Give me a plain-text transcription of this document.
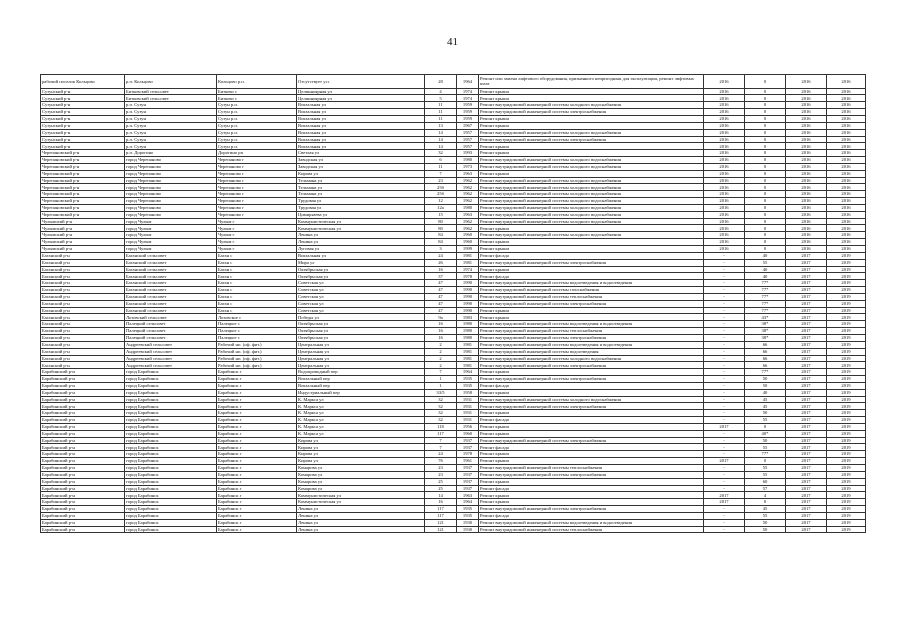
41
рабочий поселок Кольцово	р.п. Кольцово	Кольцово р.п.	Отсутствует у.п.	28	1964	Ремонт или замена лифтового оборудования, признанного непригодным для эксплуатации, ремонт лифтовых шахт	2016	0	2016	2016
Сузунский р-н	Битковский сельсовет	Битково с	Целинноярная ул	4	1974	Ремонт крыши	2016	0	2016	2016
Сузунский р-н	Битковский сельсовет	Битково с	Целинноярная ул	5	1974	Ремонт крыши	2016	0	2016	2016
Сузунский р-н	р.п. Сузун	Сузун р.п.	Вокзальная ул	11	1959	Ремонт внутридомовой инженерной системы холодного водоснабжения	2016	0	2016	2016
Сузунский р-н	р.п. Сузун	Сузун р.п.	Вокзальная ул	11	1959	Ремонт внутридомовой инженерной системы электроснабжения	2016	0	2016	2016
Сузунский р-н	р.п. Сузун	Сузун р.п.	Вокзальная ул	11	1959	Ремонт крыши	2016	0	2016	2016
Сузунский р-н	р.п. Сузун	Сузун р.п.	Вокзальная ул	13	1967	Ремонт крыши	2016	0	2016	2016
Сузунский р-н	р.п. Сузун	Сузун р.п.	Вокзальная ул	14	1957	Ремонт внутридомовой инженерной системы холодного водоснабжения	2016	0	2016	2016
Сузунский р-н	р.п. Сузун	Сузун р.п.	Вокзальная ул	14	1957	Ремонт внутридомовой инженерной системы электроснабжения	2016	0	2016	2016
Сузунский р-н	р.п. Сузун	Сузун р.п.	Вокзальная ул	14	1957	Ремонт крыши	2016	0	2016	2016
Черепановский р-н	р.п. Дорогино	Дорогино рп	Светлая ул	32	1993	Ремонт крыши	2016	0	2016	2016
Черепановский р-н	город Черепаново	Черепаново г	Заводская ул	6	1980	Ремонт внутридомовой инженерной системы холодного водоснабжения	2016	0	2016	2016
Черепановский р-н	город Черепаново	Черепаново г	Заводская ул	11	1973	Ремонт внутридомовой инженерной системы холодного водоснабжения	2016	0	2016	2016
Черепановский р-н	город Черепаново	Черепаново г	Кирова ул	7	1963	Ремонт крыши	2016	0	2016	2016
Черепановский р-н	город Черепаново	Черепаново г	Тельмана ул	23	1962	Ремонт внутридомовой инженерной системы холодного водоснабжения	2016	0	2016	2016
Черепановский р-н	город Черепаново	Черепаново г	Тельмана ул	25б	1962	Ремонт внутридомовой инженерной системы холодного водоснабжения	2016	0	2016	2016
Черепановский р-н	город Черепаново	Черепаново г	Тельмана ул	25б	1962	Ремонт внутридомовой инженерной системы холодного водоснабжения	2016	0	2016	2016
Черепановский р-н	город Черепаново	Черепаново г	Трудовая ул	12	1962	Ремонт внутридомовой инженерной системы холодного водоснабжения	2016	0	2016	2016
Черепановский р-н	город Черепаново	Черепаново г	Трудовая ул	12а	1980	Ремонт внутридомовой инженерной системы холодного водоснабжения	2016	0	2016	2016
Черепановский р-н	город Черепаново	Черепаново г	Цимирязева ул	15	1963	Ремонт внутридомовой инженерной системы холодного водоснабжения	2016	0	2016	2016
Чулымский р-н	город Чулым	Чулым г	Коммунистическая ул	80	1962	Ремонт внутридомовой инженерной системы холодного водоснабжения	2016	0	2016	2016
Чулымский р-н	город Чулым	Чулым г	Коммунистическая ул	80	1962	Ремонт крыши	2016	0	2016	2016
Чулымский р-н	город Чулым	Чулым г	Ленина ул	84	1960	Ремонт внутридомовой инженерной системы холодного водоснабжения	2016	0	2016	2016
Чулымский р-н	город Чулым	Чулым г	Ленина ул	84	1960	Ремонт крыши	2016	0	2016	2016
Чулымский р-н	город Чулым	Чулым г	Луговая ул	3	1999	Ремонт крыши	2016	0	2016	2016
Баганский р-н	Баганский сельсовет	Баган с	Вокзальная ул	24	1981	Ремонт фасада	-	40	2017	2019
Баганский р-н	Баганский сельсовет	Баган с	Мира ул	26	1981	Ремонт внутридомовой инженерной системы электроснабжения	-	55	2017	2019
Баганский р-н	Баганский сельсовет	Баган с	Октябрьская ул	16	1974	Ремонт крыши	-	40	2017	2019
Баганский р-н	Баганский сельсовет	Баган с	Октябрьская ул	37	1978	Ремонт фасада	-	40	2017	2019
Баганский р-н	Баганский сельсовет	Баган с	Советская ул	47	1990	Ремонт внутридомовой инженерной системы водоотведения и водоотведения	-	77*	2017	2019
Баганский р-н	Баганский сельсовет	Баган с	Советская ул	47	1990	Ремонт внутридомовой инженерной системы газоснабжения	-	77*	2017	2019
Баганский р-н	Баганский сельсовет	Баган с	Советская ул	47	1990	Ремонт внутридомовой инженерной системы теплоснабжения	-	77*	2017	2019
Баганский р-н	Баганский сельсовет	Баган с	Советская ул	47	1990	Ремонт внутридомовой инженерной системы электроснабжения	-	77*	2017	2019
Баганский р-н	Баганский сельсовет	Баган с	Советская ул	47	1990	Ремонт крыши	-	77*	2017	2019
Баганский р-н	Лозовский сельсовет	Лозовское с	Победы ул	9а	1983	Ремонт крыши	-	43*	2017	2019
Баганский р-н	Палецкий сельсовет	Палецкое с	Октябрьская ул	16	1980	Ремонт внутридомовой инженерной системы водоотведения и водоотведения	-	38*	2017	2019
Баганский р-н	Палецкий сельсовет	Палецкое с	Октябрьская ул	16	1980	Ремонт внутридомовой инженерной системы теплоснабжения	-	38*	2017	2019
Баганский р-н	Палецкий сельсовет	Палецкое с	Октябрьская ул	16	1980	Ремонт внутридомовой инженерной системы электроснабжения	-	38*	2017	2019
Баганский р-н	Андреевский сельсовет	Рабочий нп. (оф. фит.)	Центральная ул	2	1981	Ремонт внутридомовой инженерной системы водоотведения и водоотведения	-	66	2017	2019
Баганский р-н	Андреевский сельсовет	Рабочий нп. (оф. фит.)	Центральная ул	2	1981	Ремонт внутридомовой инженерной системы водоотведения	-	66	2017	2019
Баганский р-н	Андреевский сельсовет	Рабочий нп. (оф. фит.)	Центральная ул	2	1981	Ремонт внутридомовой инженерной системы холодного водоснабжения	-	66	2017	2019
Баганский р-н	Андреевский сельсовет	Рабочий нп. (оф. фит.)	Центральная ул	2	1981	Ремонт внутридомовой инженерной системы электроснабжения	-	66	2017	2019
Барабинский р-н	город Барабинск	Барабинск г	Водопроводный пер	7	1964	Ремонт крыши	-	77*	2017	2019
Барабинский р-н	город Барабинск	Барабинск г	Вокзальный пер	1	1935	Ремонт внутридомовой инженерной системы электроснабжения	-	50	2017	2019
Барабинский р-н	город Барабинск	Барабинск г	Вокзальный пер	1	1935	Ремонт фасада	-	50	2017	2019
Барабинский р-н	город Барабинск	Барабинск г	Индустриальный пер	33/5	1958	Ремонт крыши	-	40	2017	2019
Барабинский р-н	город Барабинск	Барабинск г	К. Маркса ул	32	1931	Ремонт внутридомовой инженерной системы холодного водоснабжения	-	45	2017	2019
Барабинский р-н	город Барабинск	Барабинск г	К. Маркса ул	32	1931	Ремонт внутридомовой инженерной системы электроснабжения	-	45	2017	2019
Барабинский р-н	город Барабинск	Барабинск г	К. Маркса ул	32	1931	Ремонт крыши	-	50	2017	2019
Барабинский р-н	город Барабинск	Барабинск г	К. Маркса ул	32	1931	Ремонт фасада	-	55	2017	2019
Барабинский р-н	город Барабинск	Барабинск г	К. Маркса ул	118	1956	Ремонт крыши	2017	0	2017	2019
Барабинский р-н	город Барабинск	Барабинск г	К. Маркса ул	117	1960	Ремонт крыши	-	40*	2017	2019
Барабинский р-н	город Барабинск	Барабинск г	Кирова ул	7	1937	Ремонт внутридомовой инженерной системы электроснабжения	-	50	2017	2019
Барабинский р-н	город Барабинск	Барабинск г	Кирова ул	7	1937	Ремонт фасада	-	55	2017	2019
Барабинский р-н	город Барабинск	Барабинск г	Кирова ул	24	1978	Ремонт крыши	-	77*	2017	2019
Барабинский р-н	город Барабинск	Барабинск г	Кирова ул	76	1961	Ремонт крыши	2017	0	2017	2019
Барабинский р-н	город Барабинск	Барабинск г	Комарова ул	23	1937	Ремонт внутридомовой инженерной системы теплоснабжения	-	55	2017	2019
Барабинский р-н	город Барабинск	Барабинск г	Комарова ул	23	1937	Ремонт внутридомовой инженерной системы электроснабжения	-	55	2017	2019
Барабинский р-н	город Барабинск	Барабинск г	Комарова ул	25	1937	Ремонт крыши	-	60	2017	2019
Барабинский р-н	город Барабинск	Барабинск г	Комарова ул	25	1937	Ремонт фасада	-	57	2017	2019
Барабинский р-н	город Барабинск	Барабинск г	Коммунистическая ул	14	1963	Ремонт крыши	2017	4	2017	2019
Барабинский р-н	город Барабинск	Барабинск г	Коммунистическая ул	16	1964	Ремонт крыши	2017	0	2017	2019
Барабинский р-н	город Барабинск	Барабинск г	Ленина ул	117	1935	Ремонт внутридомовой инженерной системы электроснабжения	-	45	2017	2019
Барабинский р-н	город Барабинск	Барабинск г	Ленина ул	117	1935	Ремонт фасада	-	55	2017	2019
Барабинский р-н	город Барабинск	Барабинск г	Ленина ул	121	1930	Ремонт внутридомовой инженерной системы водоотведения и водоотведения	-	50	2017	2019
Барабинский р-н	город Барабинск	Барабинск г	Ленина ул	121	1930	Ремонт внутридомовой инженерной системы теплоснабжения	-	50	2017	2019
